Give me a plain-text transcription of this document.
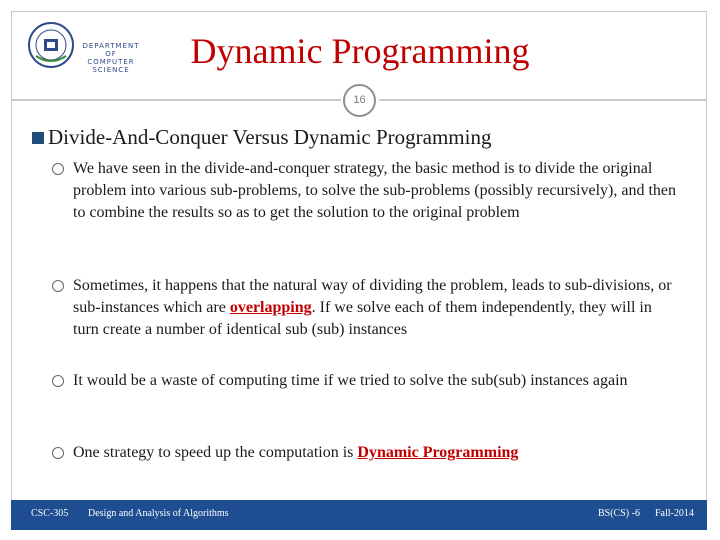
DEPARTMENT OF
COMPUTER
SCIENCE	Dynamic Programming
16
Divide-And-Conquer Versus Dynamic Programming
We have seen in the divide-and-conquer strategy, the basic method is to divide the original problem into various sub-problems, to solve the sub-problems (possibly recursively), and then to combine the results so as to get the solution to the original problem
Sometimes, it happens that the natural way of dividing the problem, leads to sub-divisions, or sub-instances which are overlapping. If we solve each of them independently, they will in turn create a number of identical sub (sub) instances
It would be a waste of computing time if we tried to solve the sub(sub) instances again
One strategy to speed up the computation is Dynamic Programming
CSC-305 Design and Analysis of Algorithms	BS(CS) -6 Fall-2014
